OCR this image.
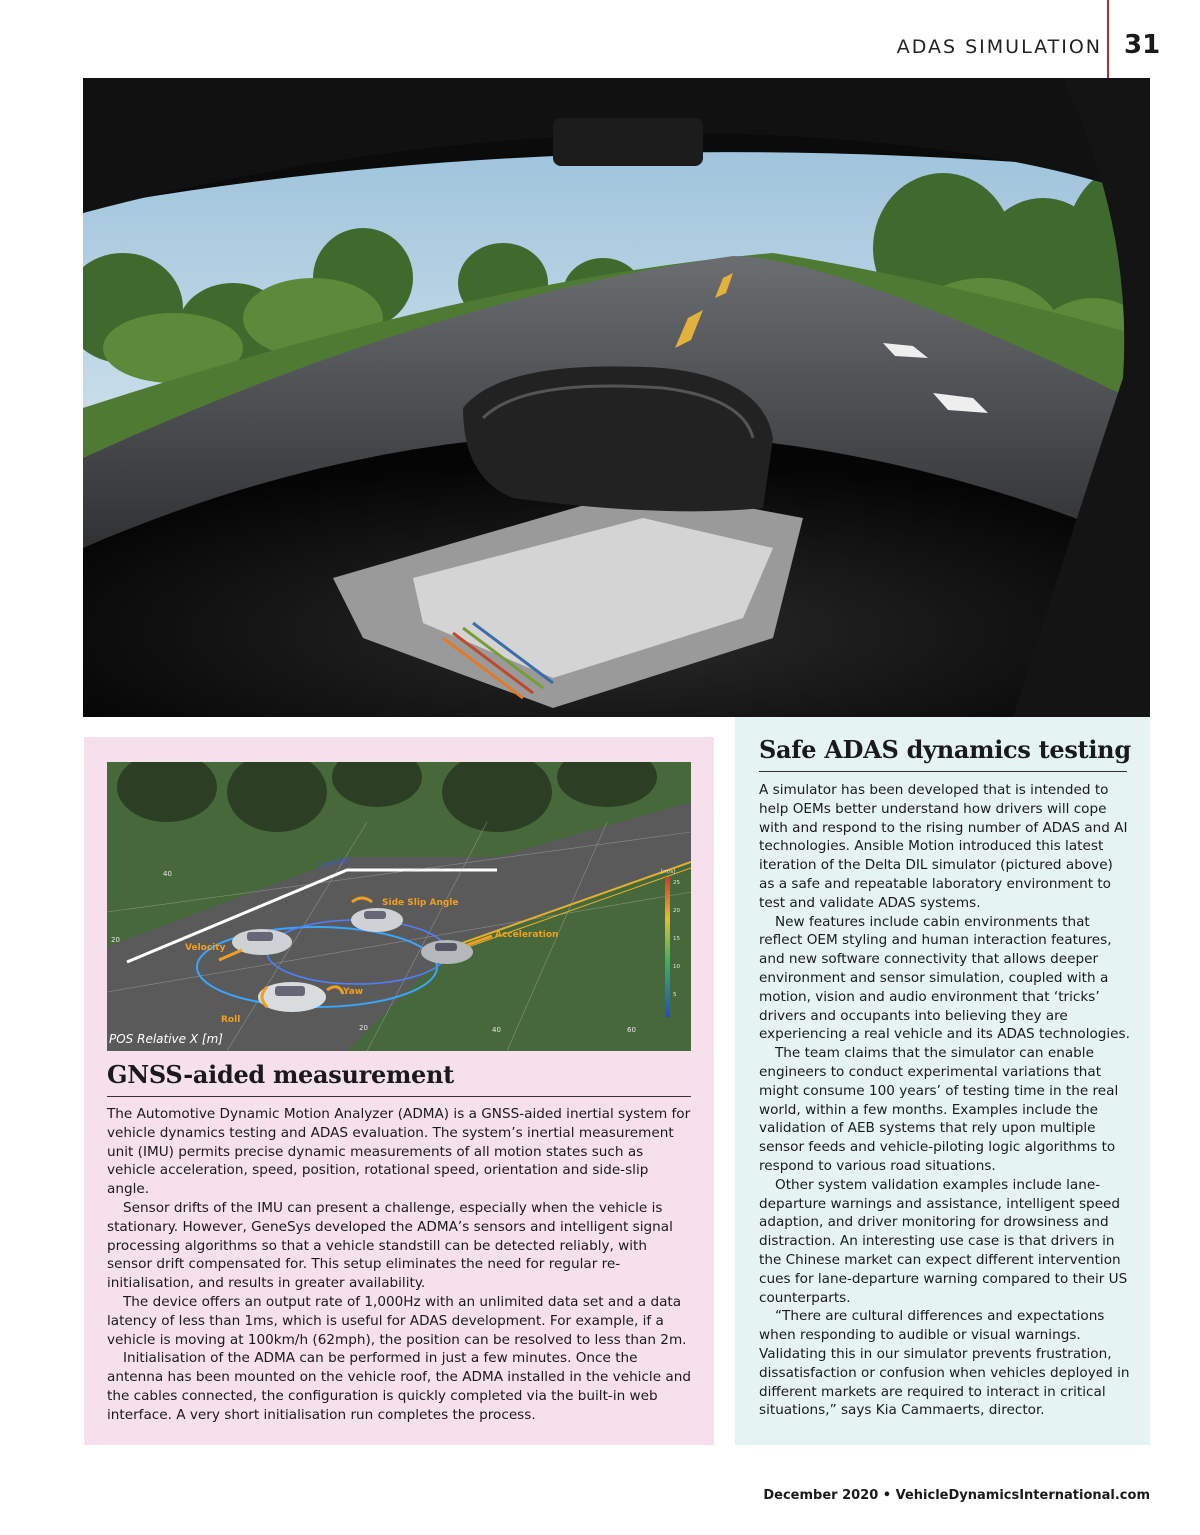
ADAS SIMULATION 31
Side Slip Angle
Acceleration
Velocity
Yaw
Roll
GeneSys
20	40	60
40
20
[m/s]
25
20
15
10
5
POS Relative X [m]
GNSS-aided measurement

The Automotive Dynamic Motion Analyzer (ADMA) is a GNSS-aided inertial system for vehicle dynamics testing and ADAS evaluation. The system’s inertial measurement unit (IMU) permits precise dynamic measurements of all motion states such as vehicle acceleration, speed, position, rotational speed, orientation and side-slip angle.

Sensor drifts of the IMU can present a challenge, especially when the vehicle is stationary. However, GeneSys developed the ADMA’s sensors and intelligent signal processing algorithms so that a vehicle standstill can be detected reliably, with sensor drift compensated for. This setup eliminates the need for regular re-initialisation, and results in greater availability.

The device offers an output rate of 1,000Hz with an unlimited data set and a data latency of less than 1ms, which is useful for ADAS development. For example, if a vehicle is moving at 100km/h (62mph), the position can be resolved to less than 2m.

Initialisation of the ADMA can be performed in just a few minutes. Once the antenna has been mounted on the vehicle roof, the ADMA installed in the vehicle and the cables connected, the configuration is quickly completed via the built-in web interface. A very short initialisation run completes the process.

Safe ADAS dynamics testing

A simulator has been developed that is intended to help OEMs better understand how drivers will cope with and respond to the rising number of ADAS and AI technologies. Ansible Motion introduced this latest iteration of the Delta DIL simulator (pictured above) as a safe and repeatable laboratory environment to test and validate ADAS systems.

New features include cabin environments that reflect OEM styling and human interaction features, and new software connectivity that allows deeper environment and sensor simulation, coupled with a motion, vision and audio environment that ‘tricks’ drivers and occupants into believing they are experiencing a real vehicle and its ADAS technologies.

The team claims that the simulator can enable engineers to conduct experimental variations that might consume 100 years’ of testing time in the real world, within a few months. Examples include the validation of AEB systems that rely upon multiple sensor feeds and vehicle-piloting logic algorithms to respond to various road situations.

Other system validation examples include lane-departure warnings and assistance, intelligent speed adaption, and driver monitoring for drowsiness and distraction. An interesting use case is that drivers in the Chinese market can expect different intervention cues for lane-departure warning compared to their US counterparts.

“There are cultural differences and expectations when responding to audible or visual warnings. Validating this in our simulator prevents frustration, dissatisfaction or confusion when vehicles deployed in different markets are required to interact in critical situations,” says Kia Cammaerts, director.

December 2020 • VehicleDynamicsInternational.com
